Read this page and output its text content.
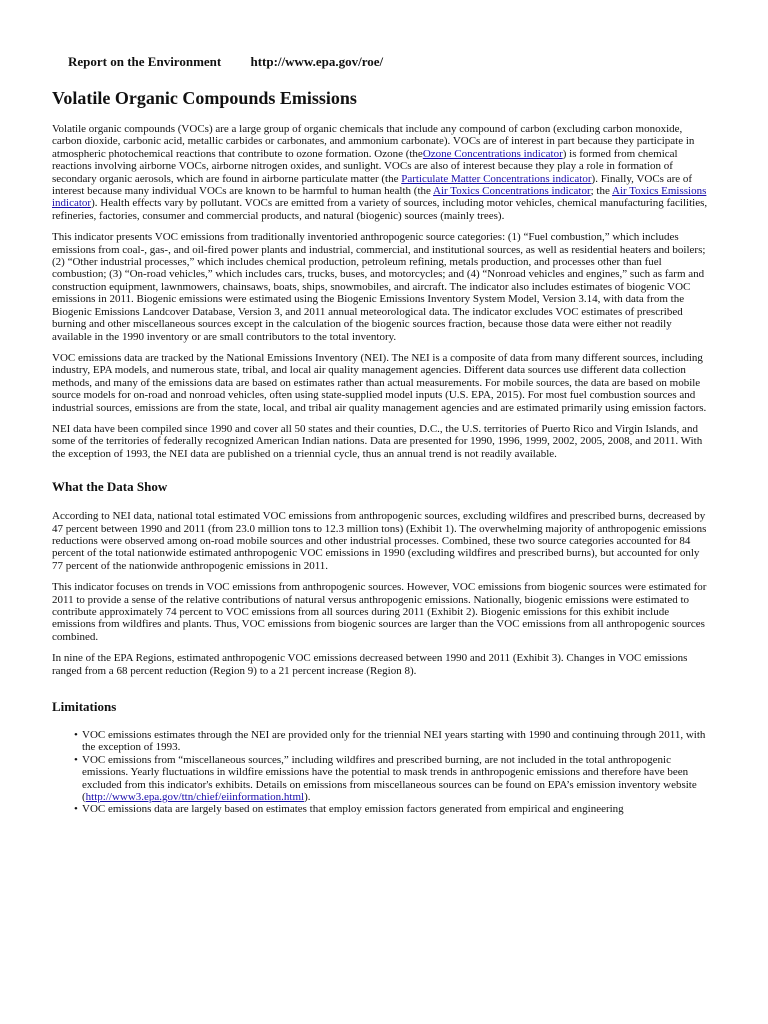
Report on the Environment http://www.epa.gov/roe/
Volatile Organic Compounds Emissions

Volatile organic compounds (VOCs) are a large group of organic chemicals that include any compound of carbon (excluding carbon monoxide, carbon dioxide, carbonic acid, metallic carbides or carbonates, and ammonium carbonate). VOCs are of interest in part because they participate in atmospheric photochemical reactions that contribute to ozone formation. Ozone (theOzone Concentrations indicator) is formed from chemical reactions involving airborne VOCs, airborne nitrogen oxides, and sunlight. VOCs are also of interest because they play a role in formation of secondary organic aerosols, which are found in airborne particulate matter (the Particulate Matter Concentrations indicator). Finally, VOCs are of interest because many individual VOCs are known to be harmful to human health (the Air Toxics Concentrations indicator; the Air Toxics Emissions indicator). Health effects vary by pollutant. VOCs are emitted from a variety of sources, including motor vehicles, chemical manufacturing facilities, refineries, factories, consumer and commercial products, and natural (biogenic) sources (mainly trees).

This indicator presents VOC emissions from traditionally inventoried anthropogenic source categories: (1) “Fuel combustion,” which includes emissions from coal-, gas-, and oil-fired power plants and industrial, commercial, and institutional sources, as well as residential heaters and boilers; (2) “Other industrial processes,” which includes chemical production, petroleum refining, metals production, and processes other than fuel combustion; (3) “On-road vehicles,” which includes cars, trucks, buses, and motorcycles; and (4) “Nonroad vehicles and engines,” such as farm and construction equipment, lawnmowers, chainsaws, boats, ships, snowmobiles, and aircraft. The indicator also includes estimates of biogenic VOC emissions in 2011. Biogenic emissions were estimated using the Biogenic Emissions Inventory System Model, Version 3.14, with data from the Biogenic Emissions Landcover Database, Version 3, and 2011 annual meteorological data. The indicator excludes VOC estimates of prescribed burning and other miscellaneous sources except in the calculation of the biogenic sources fraction, because those data were either not readily available in the 1990 inventory or are small contributors to the total inventory.

VOC emissions data are tracked by the National Emissions Inventory (NEI). The NEI is a composite of data from many different sources, including industry, EPA models, and numerous state, tribal, and local air quality management agencies. Different data sources use different data collection methods, and many of the emissions data are based on estimates rather than actual measurements. For mobile sources, the data are based on mobile source models for on-road and nonroad vehicles, often using state-supplied model inputs (U.S. EPA, 2015). For most fuel combustion sources and industrial sources, emissions are from the state, local, and tribal air quality management agencies and are estimated primarily using emission factors.

NEI data have been compiled since 1990 and cover all 50 states and their counties, D.C., the U.S. territories of Puerto Rico and Virgin Islands, and some of the territories of federally recognized American Indian nations. Data are presented for 1990, 1996, 1999, 2002, 2005, 2008, and 2011. With the exception of 1993, the NEI data are published on a triennial cycle, thus an annual trend is not readily available.

What the Data Show

According to NEI data, national total estimated VOC emissions from anthropogenic sources, excluding wildfires and prescribed burns, decreased by 47 percent between 1990 and 2011 (from 23.0 million tons to 12.3 million tons) (Exhibit 1). The overwhelming majority of anthropogenic emissions reductions were observed among on-road mobile sources and other industrial processes. Combined, these two source categories accounted for 84 percent of the total nationwide estimated anthropogenic VOC emissions in 1990 (excluding wildfires and prescribed burns), but accounted for only 77 percent of the nationwide anthropogenic emissions in 2011.

This indicator focuses on trends in VOC emissions from anthropogenic sources. However, VOC emissions from biogenic sources were estimated for 2011 to provide a sense of the relative contributions of natural versus anthropogenic emissions. Nationally, biogenic emissions were estimated to contribute approximately 74 percent to VOC emissions from all sources during 2011 (Exhibit 2). Biogenic emissions for this exhibit include emissions from wildfires and plants. Thus, VOC emissions from biogenic sources are larger than the VOC emissions from all anthropogenic sources combined.

In nine of the EPA Regions, estimated anthropogenic VOC emissions decreased between 1990 and 2011 (Exhibit 3). Changes in VOC emissions ranged from a 68 percent reduction (Region 9) to a 21 percent increase (Region 8).

Limitations
• VOC emissions estimates through the NEI are provided only for the triennial NEI years starting with 1990 and continuing through 2011, with the exception of 1993.
• VOC emissions from “miscellaneous sources,” including wildfires and prescribed burning, are not included in the total anthropogenic emissions. Yearly fluctuations in wildfire emissions have the potential to mask trends in anthropogenic emissions and therefore have been excluded from this indicator's exhibits. Details on emissions from miscellaneous sources can be found on EPA’s emission inventory website (http://www3.epa.gov/ttn/chief/eiinformation.html).
• VOC emissions data are largely based on estimates that employ emission factors generated from empirical and engineering
